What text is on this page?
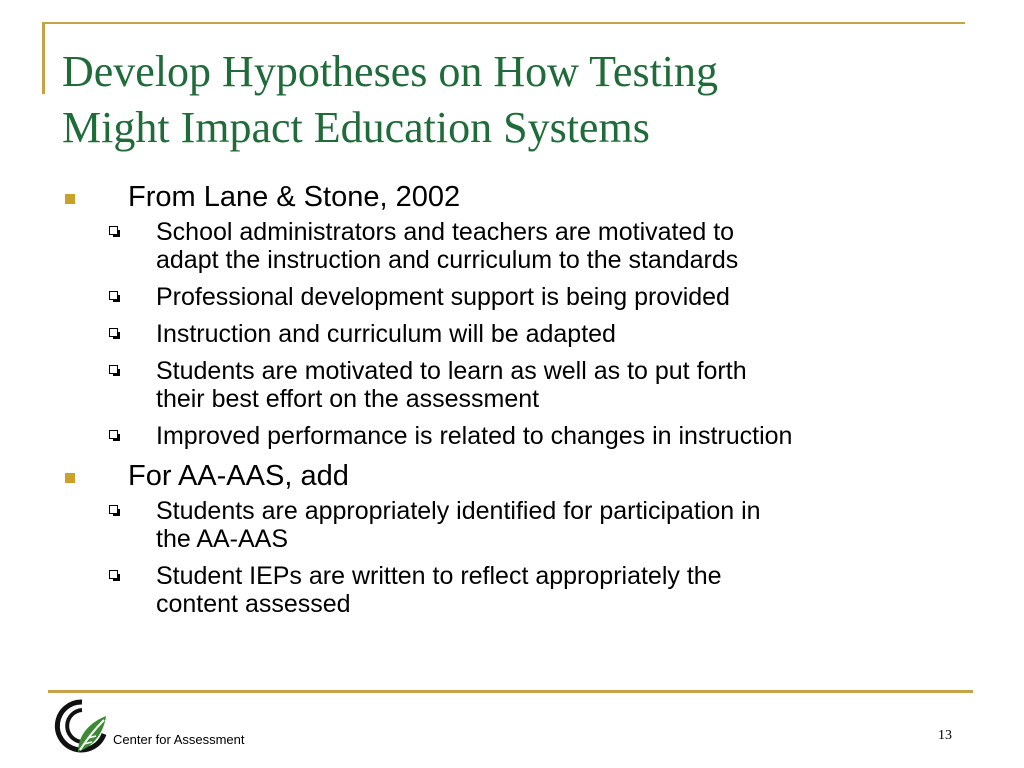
Develop Hypotheses on How Testing
Might Impact Education Systems
From Lane & Stone, 2002
School administrators and teachers are motivated to
adapt the instruction and curriculum to the standards
Professional development support is being provided
Instruction and curriculum will be adapted
Students are motivated to learn as well as to put forth
their best effort on the assessment
Improved performance is related to changes in instruction
For AA-AAS, add
Students are appropriately identified for participation in
the AA-AAS
Student IEPs are written to reflect appropriately the
content assessed
Center for Assessment	13
